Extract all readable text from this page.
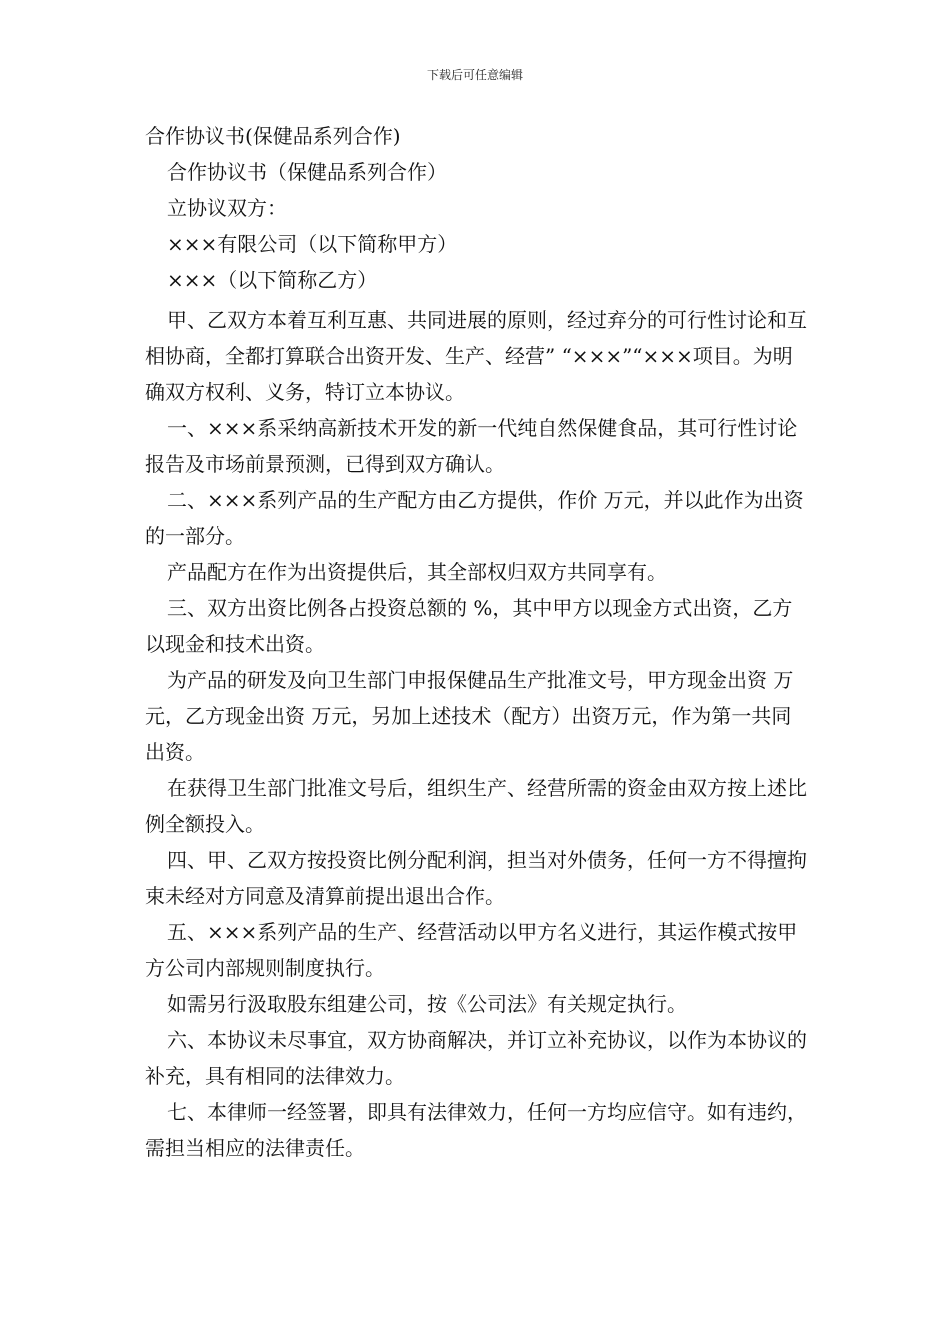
下载后可任意编辑
合作协议书(保健品系列合作)
合作协议书（保健品系列合作）
立协议双方：
×××有限公司（以下简称甲方）
×××（以下简称乙方）
甲、乙双方本着互利互惠、共同进展的原则，经过弃分的可行性讨论和互相协商，全都打算联合出资开发、生产、经营” “×××”“×××项目。为明确双方权利、义务，特订立本协议。
一、×××系采纳高新技术开发的新一代纯自然保健食品，其可行性讨论报告及市场前景预测，已得到双方确认。
二、×××系列产品的生产配方由乙方提供，作价 万元，并以此作为出资的一部分。
产品配方在作为出资提供后，其全部权归双方共同享有。
三、双方出资比例各占投资总额的 %，其中甲方以现金方式出资，乙方以现金和技术出资。
为产品的研发及向卫生部门申报保健品生产批准文号，甲方现金出资 万元，乙方现金出资 万元，另加上述技术（配方）出资万元，作为第一共同出资。
在获得卫生部门批准文号后，组织生产、经营所需的资金由双方按上述比例全额投入。
四、甲、乙双方按投资比例分配利润，担当对外债务，任何一方不得擅拘束未经对方同意及清算前提出退出合作。
五、×××系列产品的生产、经营活动以甲方名义进行，其运作模式按甲方公司内部规则制度执行。
如需另行汲取股东组建公司，按《公司法》有关规定执行。
六、本协议未尽事宜，双方协商解决，并订立补充协议，以作为本协议的补充，具有相同的法律效力。
七、本律师一经签署，即具有法律效力，任何一方均应信守。如有违约，需担当相应的法律责任。
